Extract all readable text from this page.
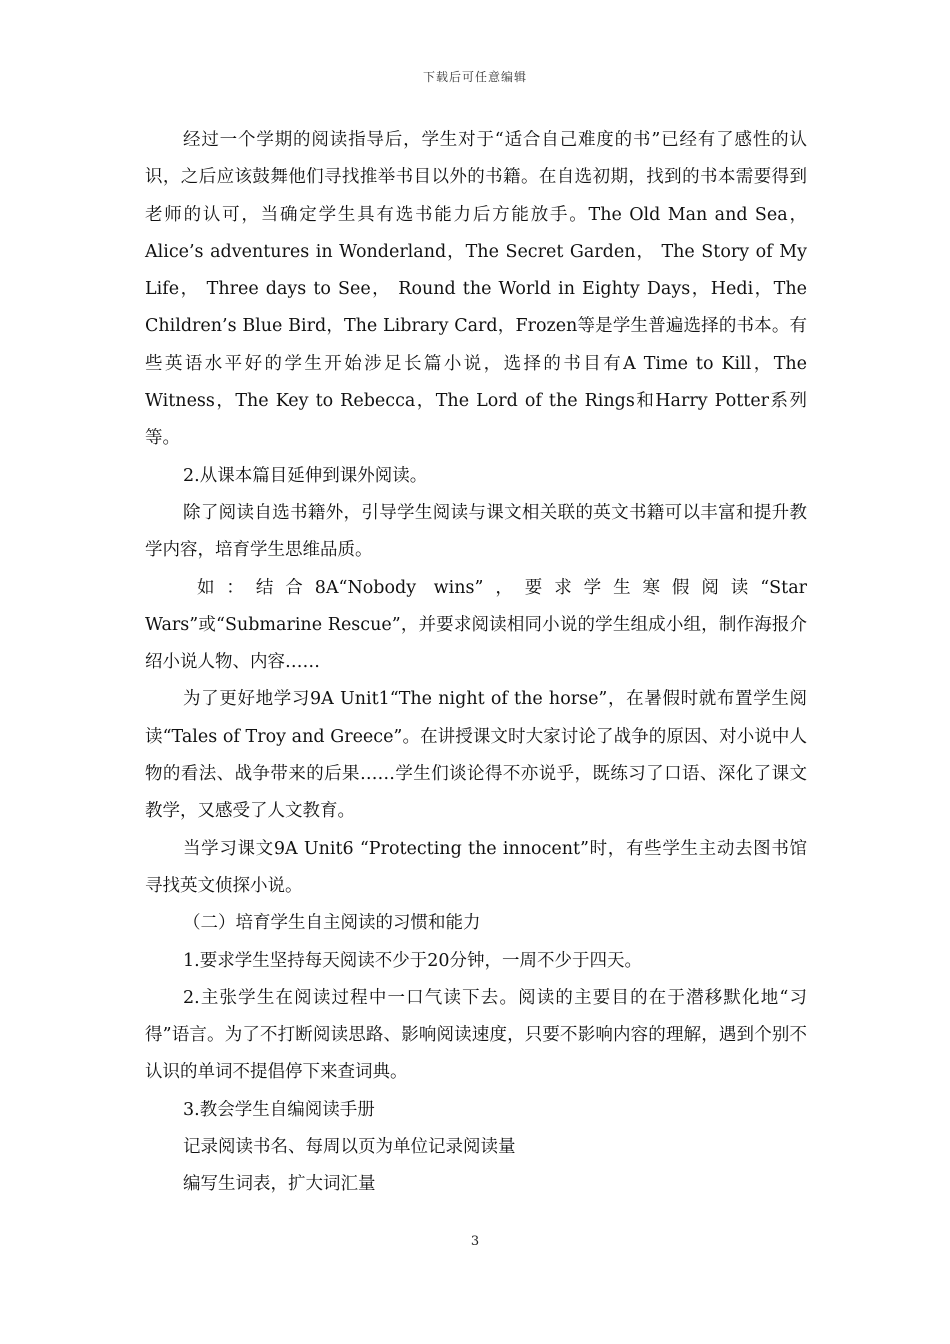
下载后可任意编辑

经过一个学期的阅读指导后，学生对于“适合自己难度的书”已经有了感性的认识，之后应该鼓舞他们寻找推举书目以外的书籍。在自选初期，找到的书本需要得到老师的认可，当确定学生具有选书能力后方能放手。The Old Man and Sea，Alice’s adventures in Wonderland，The Secret Garden， The Story of My Life， Three days to See， Round the World in Eighty Days，Hedi，The Children’s Blue Bird，The Library Card，Frozen等是学生普遍选择的书本。有些英语水平好的学生开始涉足长篇小说，选择的书目有A Time to Kill，The Witness，The Key to Rebecca，The Lord of the Rings和Harry Potter系列等。

2.从课本篇目延伸到课外阅读。

除了阅读自选书籍外，引导学生阅读与课文相关联的英文书籍可以丰富和提升教学内容，培育学生思维品质。

如：结合8A“Nobody wins”，要求学生寒假阅读“Star Wars”或“Submarine Rescue”，并要求阅读相同小说的学生组成小组，制作海报介绍小说人物、内容……

为了更好地学习9A Unit1“The night of the horse”，在暑假时就布置学生阅读“Tales of Troy and Greece”。在讲授课文时大家讨论了战争的原因、对小说中人物的看法、战争带来的后果……学生们谈论得不亦说乎，既练习了口语、深化了课文教学，又感受了人文教育。

当学习课文9A Unit6 “Protecting the innocent”时，有些学生主动去图书馆寻找英文侦探小说。

（二）培育学生自主阅读的习惯和能力

1.要求学生坚持每天阅读不少于20分钟，一周不少于四天。

2.主张学生在阅读过程中一口气读下去。阅读的主要目的在于潜移默化地“习得”语言。为了不打断阅读思路、影响阅读速度，只要不影响内容的理解，遇到个别不认识的单词不提倡停下来查词典。

3.教会学生自编阅读手册

记录阅读书名、每周以页为单位记录阅读量

编写生词表，扩大词汇量

3
